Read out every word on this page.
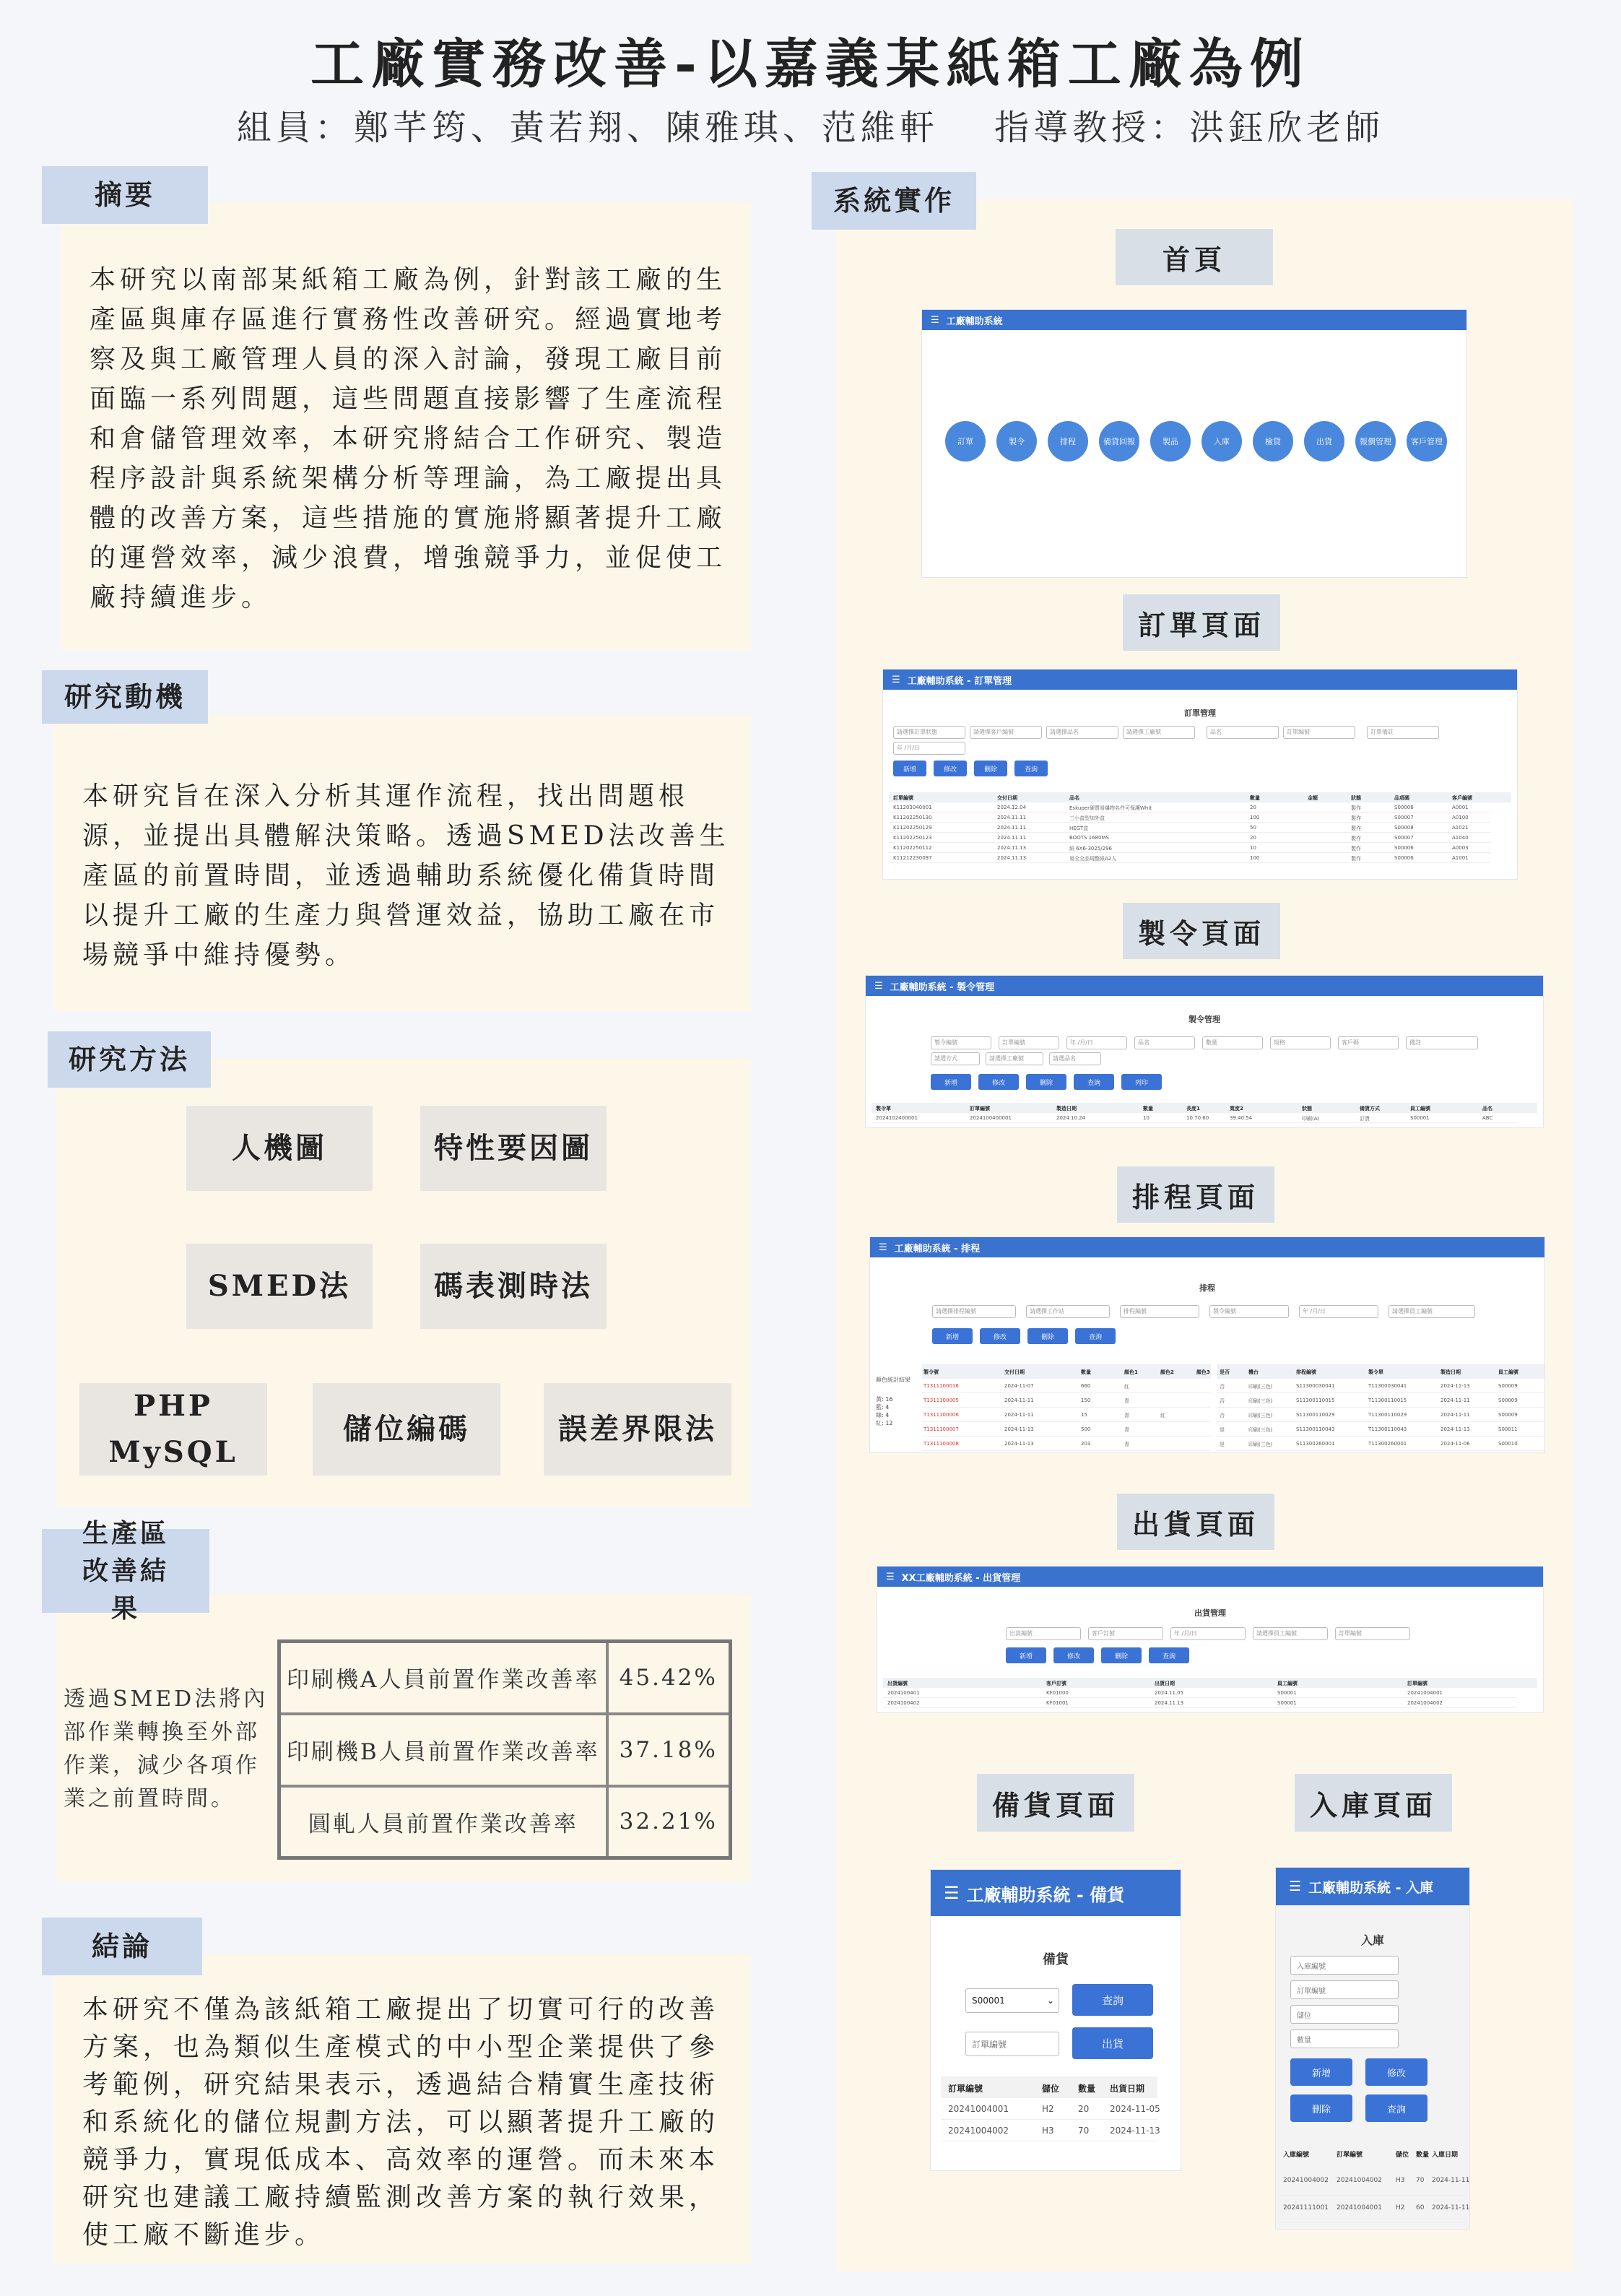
工廠實務改善-以嘉義某紙箱工廠為例
組員：鄭芊筠、黃若翔、陳雅琪、范維軒 指導教授：洪鈺欣老師
本研究以南部某紙箱工廠為例，針對該工廠的生
產區與庫存區進行實務性改善研究。經過實地考
察及與工廠管理人員的深入討論，發現工廠目前
面臨一系列問題，這些問題直接影響了生產流程
和倉儲管理效率，本研究將結合工作研究、製造
程序設計與系統架構分析等理論，為工廠提出具
體的改善方案，這些措施的實施將顯著提升工廠
的運營效率，減少浪費，增強競爭力，並促使工
廠持續進步。
摘要
本研究旨在深入分析其運作流程，找出問題根
源，並提出具體解決策略。透過SMED法改善生
產區的前置時間，並透過輔助系統優化備貨時間
以提升工廠的生產力與營運效益，協助工廠在市
場競爭中維持優勢。
研究動機
研究方法
人機圖	特性要因圖
SMED法	碼表測時法
PHP MySQL
儲位編碼	誤差界限法
生產區 改善結果
透過SMED法將內
部作業轉換至外部
作業，減少各項作
業之前置時間。
印刷機A人員前置作業改善率	45.42%
印刷機B人員前置作業改善率	37.18%
圓軋人員前置作業改善率	32.21%
本研究不僅為該紙箱工廠提出了切實可行的改善
方案，也為類似生產模式的中小型企業提供了參
考範例，研究結果表示，透過結合精實生產技術
和系統化的儲位規劃方法，可以顯著提升工廠的
競爭力，實現低成本、高效率的運營。而未來本
研究也建議工廠持續監測改善方案的執行效果，
使工廠不斷進步。
結論
系統實作
首頁
☰ 工廠輔助系統
訂單	製令	排程	備貨回報	製品	入庫	檢貨	出貨	報價管理	客戶管理
訂單頁面
☰ 工廠輔助系統 - 訂單管理
訂單管理
請選擇訂單狀態	請選擇客戶編號	請選擇品名	請選擇工廠號	品名	訂單編號	訂單備註
年 /月/日
新增	修改	刪除	查詢
訂單編號	交付日期	品名	數量	金額	狀態	品項碼	客戶編號
K11203040001	2024.12.04	Eskuper硬質易爆物名件可保護Whit	20	製作	S00006	A0001
K11202250130	2024.11.11	三小盒型加外盒	100	製作	S00007	A0100
K11202250129	2024.11.11	HEGT盒	50	製作	S00008	A1021
K11202250123	2024.11.11	BOOTS 1680MS	20	製作	S00007	A1040
K11202250112	2024.11.13	紙 6X6-3025/296	10	製作	S00006	A0003
K11212230097	2024.11.13	易全全品規整紙A2人	100	製作	S00006	A1001
製令頁面
☰ 工廠輔助系統 - 製令管理
製令管理
製令編號	訂單編號	年 /月/日	品名	數量	規格	客戶碼	備註
請選方式	請選擇工廠號	請選品名
新增	修改	刪除	查詢	列印
製令單	訂單編號	製造日期	數量	長度1	寬度2	狀態	備貨方式	員工編號	品名
2024102400001	2024100400001	2024.10.24	10	10.70.60	39.40.54	印刷(A)	訂貨	S00001	ABC
排程頁面
☰ 工廠輔助系統 - 排程
排程
請選擇排程編號	請選擇工作站	排程編號	製令編號	年 /月/日	請選擇員工編號
新增	修改	刪除	查詢
顏色統計結果
黃: 16
藍: 4
綠: 4
紅: 12
製令號	交付日期	數量	顏色1	顏色2	顏色3
T1311100016	2024-11-07	660	紅
T1311100005	2024-11-11	150	青
T1311100006	2024-11-11	15	青	紅
T1311100007	2024-11-13	500	青
T1311100008	2024-11-13	203	青
是否	機台	排程編號	製令單	製造日期	員工編號
否	印刷(三色)	S11300030041	T11300030041	2024-11-13	S00009
否	印刷(三色)	S11300110015	T11300110015	2024-11-11	S00009
否	印刷(三色)	S11300110029	T11300110029	2024-11-11	S00009
是	印刷(三色)	S11300110043	T11300110043	2024-11-13	S00011
是	印刷(三色)	S11300260001	T11300260001	2024-11-06	S00010
出貨頁面
☰ XX工廠輔助系統 - 出貨管理
出貨管理
出貨編號	客戶訂號	年 /月/日	請選擇員工編號	訂單編號
新增	修改	刪除	查詢
出貨編號	客戶訂號	出貨日期	員工編號	訂單編號
2024100401	KF01000	2024.11.05	S00001	20241004001
2024100402	KF01001	2024.11.13	S00001	20241004002
備貨頁面
☰ 工廠輔助系統 - 備貨
備貨
S00001	⌄	查詢
訂單編號	出貨
訂單編號	儲位 數量 出貨日期
20241004001	H2	20 2024-11-05
20241004002	H3	70 2024-11-13
入庫頁面
☰ 工廠輔助系統 - 入庫
入庫
入庫編號
訂單編號
儲位
數量
新增	修改
刪除	查詢
入庫編號	訂單編號	儲位 數量 入庫日期
20241004002 20241004002 H3 70 2024-11-11
20241111001 20241004001 H2 60 2024-11-11
